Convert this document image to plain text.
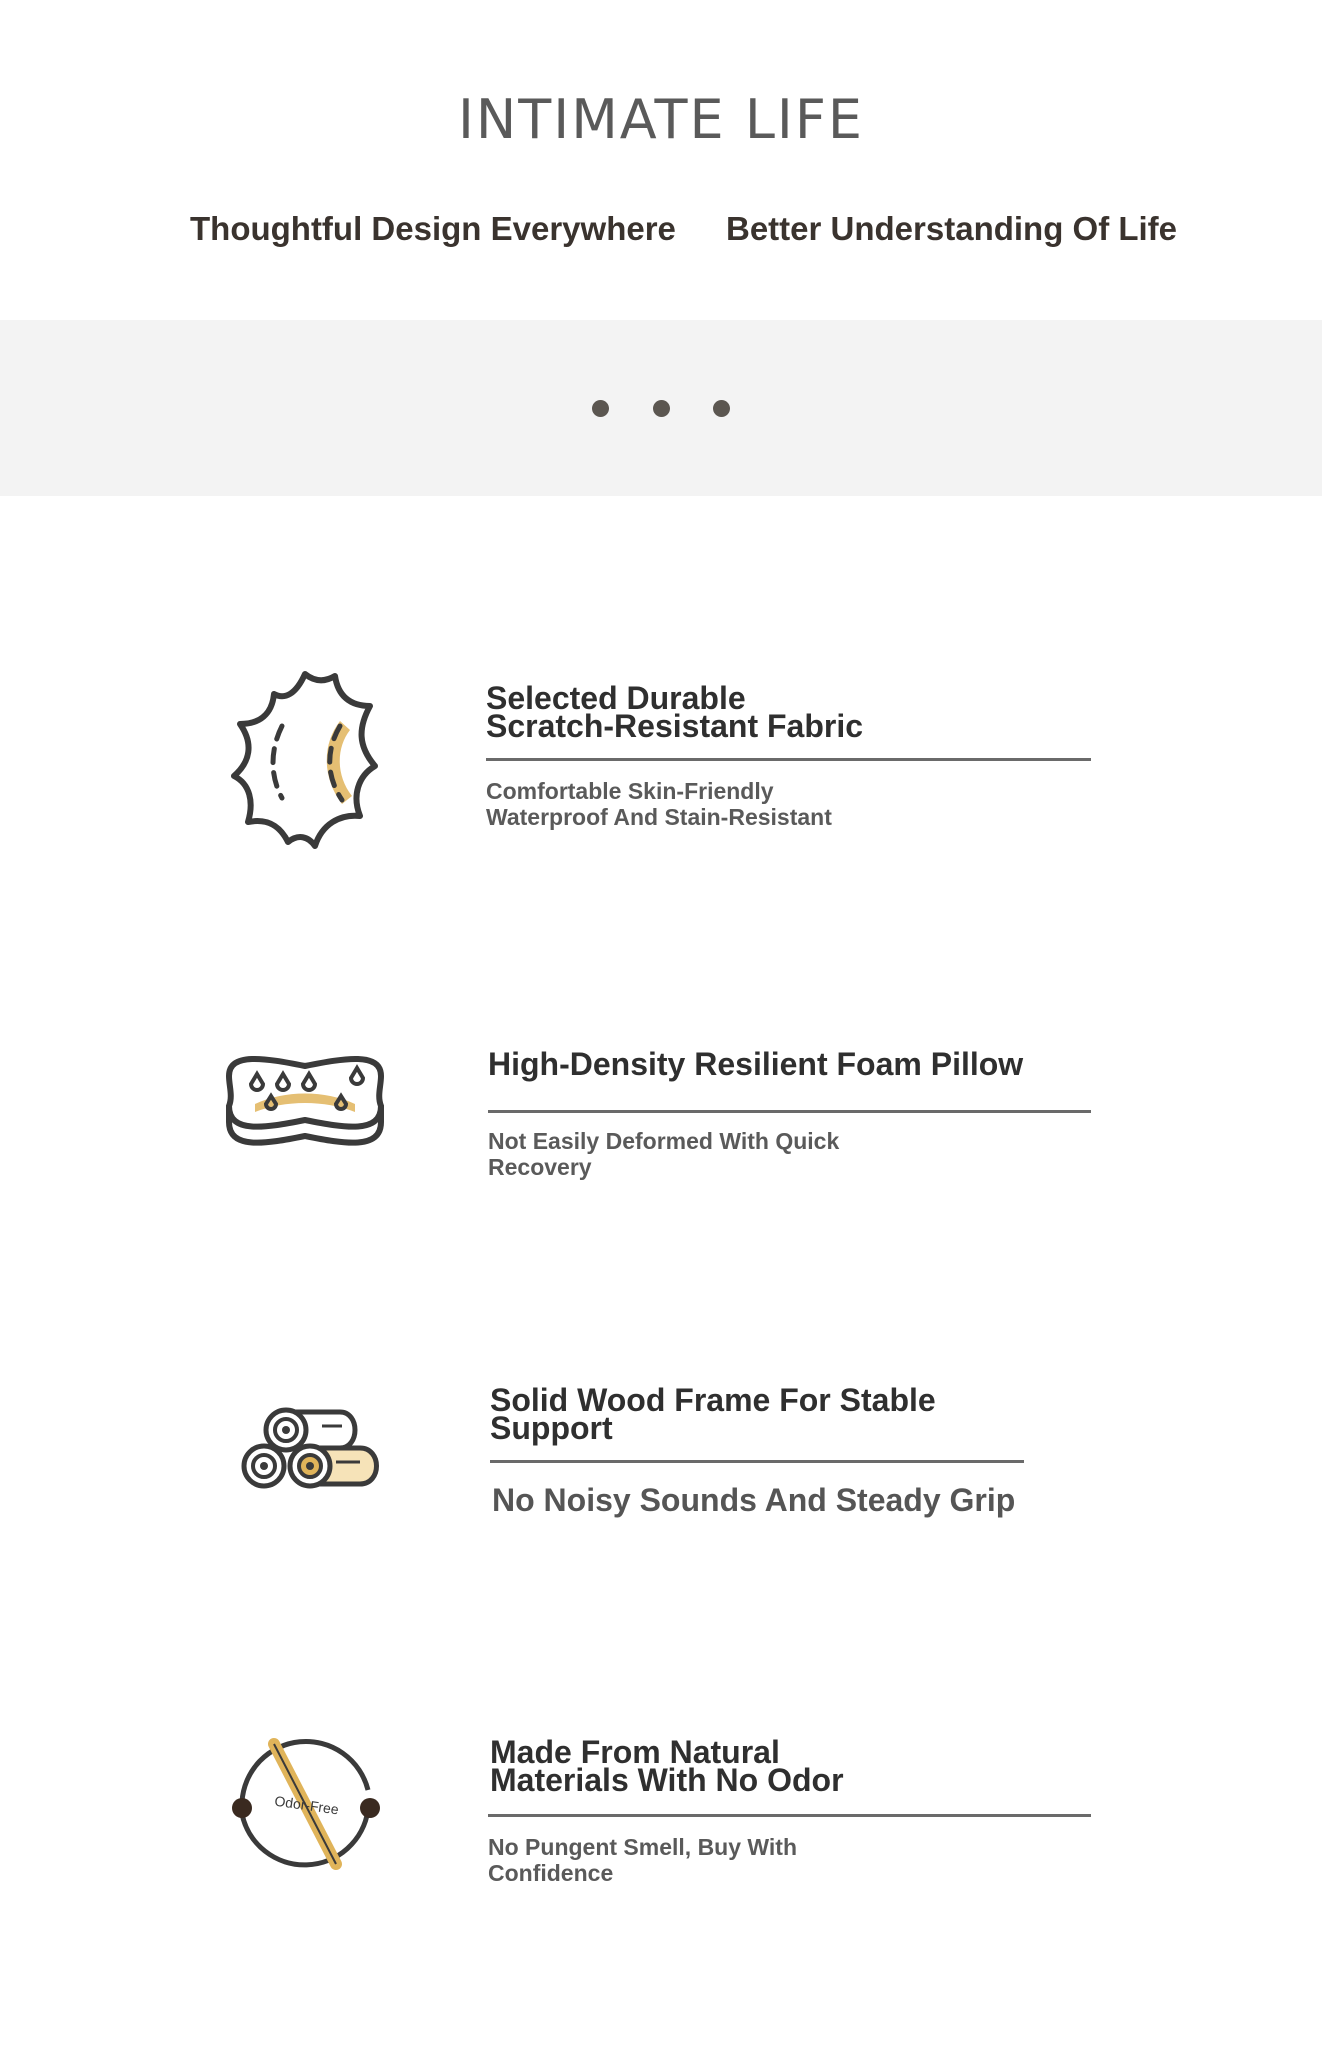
INTIMATE LIFE
Thoughtful Design Everywhere Better Understanding Of Life
Selected Durable
Scratch-Resistant Fabric
Comfortable Skin-Friendly
Waterproof And Stain-Resistant
High-Density Resilient Foam Pillow
Not Easily Deformed With Quick
Recovery
Solid Wood Frame For Stable
Support
No Noisy Sounds And Steady Grip
Odor-Free
Made From Natural
Materials With No Odor
No Pungent Smell, Buy With
Confidence
